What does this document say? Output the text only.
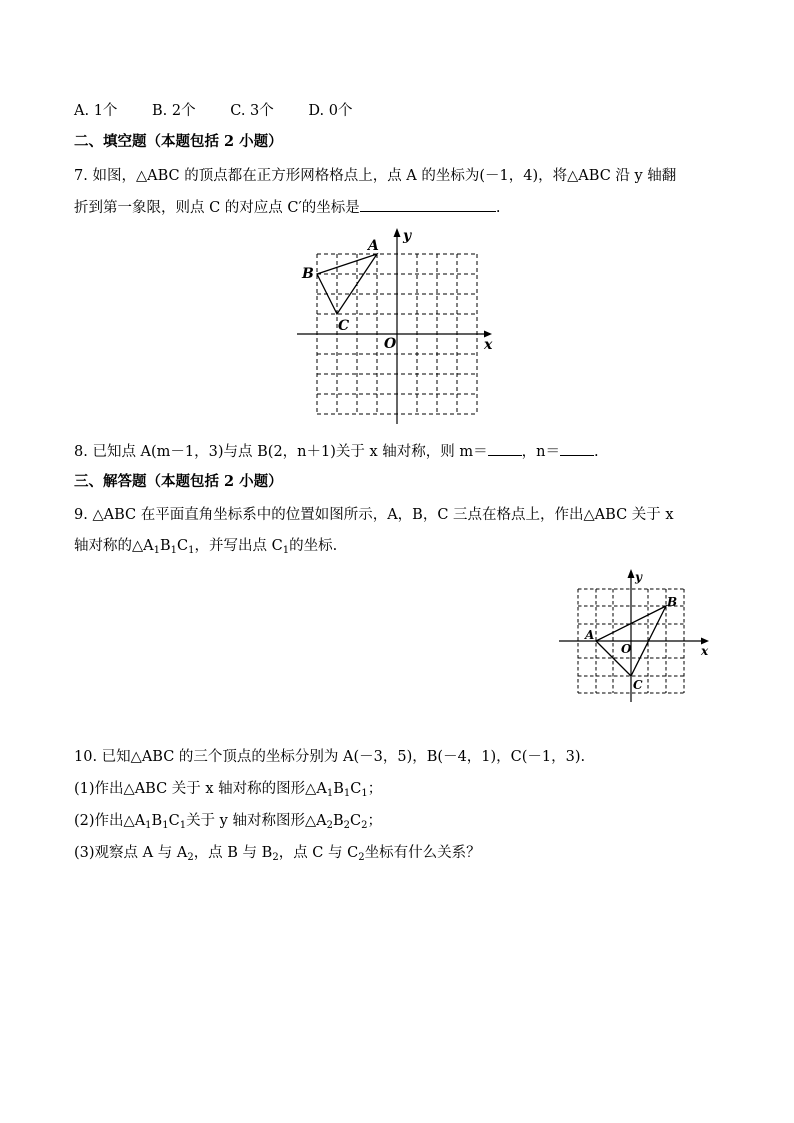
A. 1个 B. 2个 C. 3个 D. 0个
二、填空题（本题包括 2 小题）
7. 如图，△ABC 的顶点都在正方形网格格点上，点 A 的坐标为(－1，4)，将△ABC 沿 y 轴翻
折到第一象限，则点 C 的对应点 C′的坐标是	.
A
B
C
O	x
y
8. 已知点 A(m－1，3)与点 B(2，n＋1)关于 x 轴对称，则 m＝ ，n＝ .
三、解答题（本题包括 2 小题）
9. △ABC 在平面直角坐标系中的位置如图所示，A，B，C 三点在格点上，作出△ABC 关于 x
轴对称的$\triangle A_1B_1C_1$，并写出点 $C_1$的坐标.
A
B
C
O	x
y
10. 已知△ABC 的三个顶点的坐标分别为 A(－3，5)，B(－4，1)，C(－1，3).
(1)作出△ABC 关于 x 轴对称的图形$\triangle A_1B_1C_1$；
(2)作出$\triangle A_1B_1C_1$关于 y 轴对称图形$\triangle A_2B_2C_2$；
(3)观察点 A 与 $A_2$，点 B 与 $B_2$，点 C 与 $C_2$坐标有什么关系？
